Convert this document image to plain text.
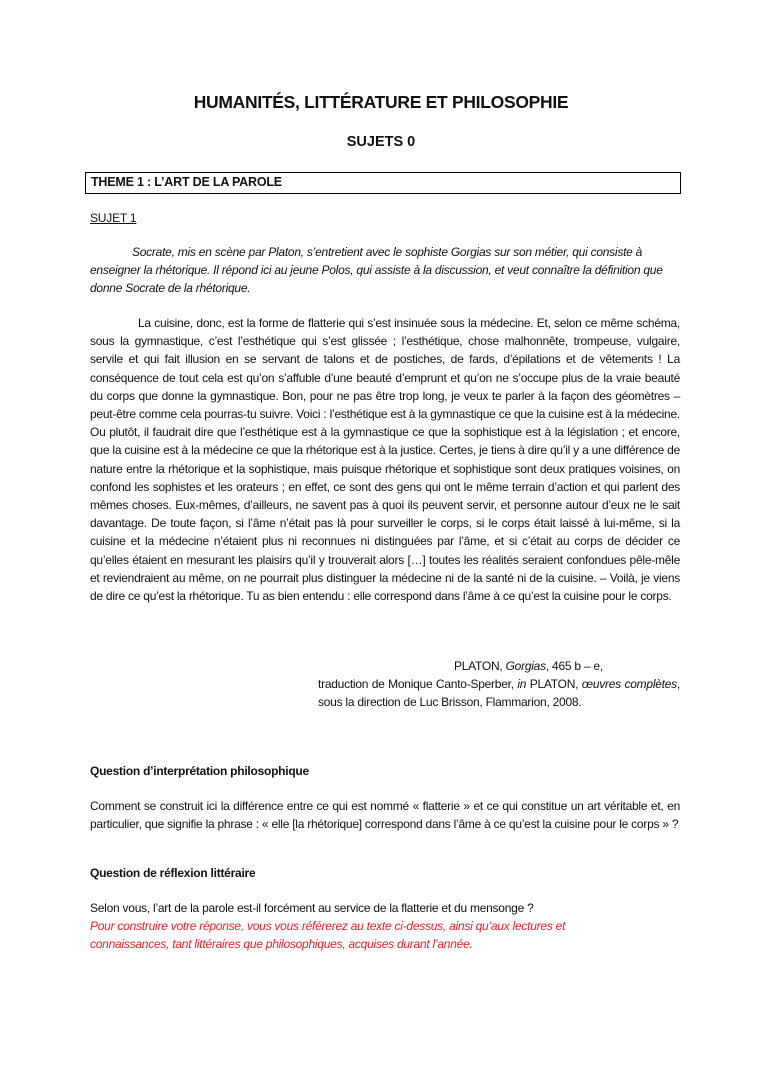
HUMANITÉS, LITTÉRATURE ET PHILOSOPHIE
SUJETS 0
THEME 1 : L’ART DE LA PAROLE
SUJET 1
Socrate, mis en scène par Platon, s’entretient avec le sophiste Gorgias sur son métier, qui consiste à enseigner la rhétorique. Il répond ici au jeune Polos, qui assiste à la discussion, et veut connaître la définition que donne Socrate de la rhétorique.

La cuisine, donc, est la forme de flatterie qui s’est insinuée sous la médecine. Et, selon ce même schéma, sous la gymnastique, c’est l’esthétique qui s’est glissée ; l’esthétique, chose malhonnête, trompeuse, vulgaire, servile et qui fait illusion en se servant de talons et de postiches, de fards, d’épilations et de vêtements ! La conséquence de tout cela est qu’on s’affuble d’une beauté d’emprunt et qu’on ne s’occupe plus de la vraie beauté du corps que donne la gymnastique. Bon, pour ne pas être trop long, je veux te parler à la façon des géomètres – peut-être comme cela pourras-tu suivre. Voici : l’esthétique est à la gymnastique ce que la cuisine est à la médecine. Ou plutôt, il faudrait dire que l’esthétique est à la gymnastique ce que la sophistique est à la législation ; et encore, que la cuisine est à la médecine ce que la rhétorique est à la justice. Certes, je tiens à dire qu’il y a une différence de nature entre la rhétorique et la sophistique, mais puisque rhétorique et sophistique sont deux pratiques voisines, on confond les sophistes et les orateurs ; en effet, ce sont des gens qui ont le même terrain d’action et qui parlent des mêmes choses. Eux-mêmes, d’ailleurs, ne savent pas à quoi ils peuvent servir, et personne autour d’eux ne le sait davantage. De toute façon, si l’âme n’était pas là pour surveiller le corps, si le corps était laissé à lui-même, si la cuisine et la médecine n’étaient plus ni reconnues ni distinguées par l’âme, et si c’était au corps de décider ce qu’elles étaient en mesurant les plaisirs qu’il y trouverait alors […] toutes les réalités seraient confondues pêle-mêle et reviendraient au même, on ne pourrait plus distinguer la médecine ni de la santé ni de la cuisine. – Voilà, je viens de dire ce qu’est la rhétorique. Tu as bien entendu : elle correspond dans l’âme à ce qu’est la cuisine pour le corps.

PLATON, Gorgias, 465 b – e,
traduction de Monique Canto-Sperber, in PLATON, œuvres complètes, sous la direction de Luc Brisson, Flammarion, 2008.
Question d’interprétation philosophique
Comment se construit ici la différence entre ce qui est nommé « flatterie » et ce qui constitue un art véritable et, en particulier, que signifie la phrase : « elle [la rhétorique] correspond dans l’âme à ce qu’est la cuisine pour le corps » ?
Question de réflexion littéraire
Selon vous, l’art de la parole est-il forcément au service de la flatterie et du mensonge ?
Pour construire votre réponse, vous vous référerez au texte ci-dessus, ainsi qu’aux lectures et
connaissances, tant littéraires que philosophiques, acquises durant l’année.
